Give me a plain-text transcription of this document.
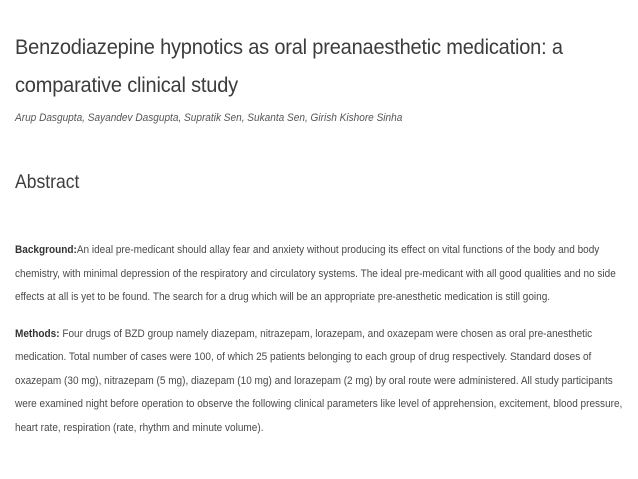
Benzodiazepine hypnotics as oral preanaesthetic medication: a comparative clinical study

Arup Dasgupta, Sayandev Dasgupta, Supratik Sen, Sukanta Sen, Girish Kishore Sinha

Abstract

Background:An ideal pre-medicant should allay fear and anxiety without producing its effect on vital functions of the body and body chemistry, with minimal depression of the respiratory and circulatory systems. The ideal pre-medicant with all good qualities and no side effects at all is yet to be found. The search for a drug which will be an appropriate pre-anesthetic medication is still going.

Methods: Four drugs of BZD group namely diazepam, nitrazepam, lorazepam, and oxazepam were chosen as oral pre-anesthetic medication. Total number of cases were 100, of which 25 patients belonging to each group of drug respectively. Standard doses of oxazepam (30 mg), nitrazepam (5 mg), diazepam (10 mg) and lorazepam (2 mg) by oral route were administered. All study participants were examined night before operation to observe the following clinical parameters like level of apprehension, excitement, blood pressure, heart rate, respiration (rate, rhythm and minute volume).
